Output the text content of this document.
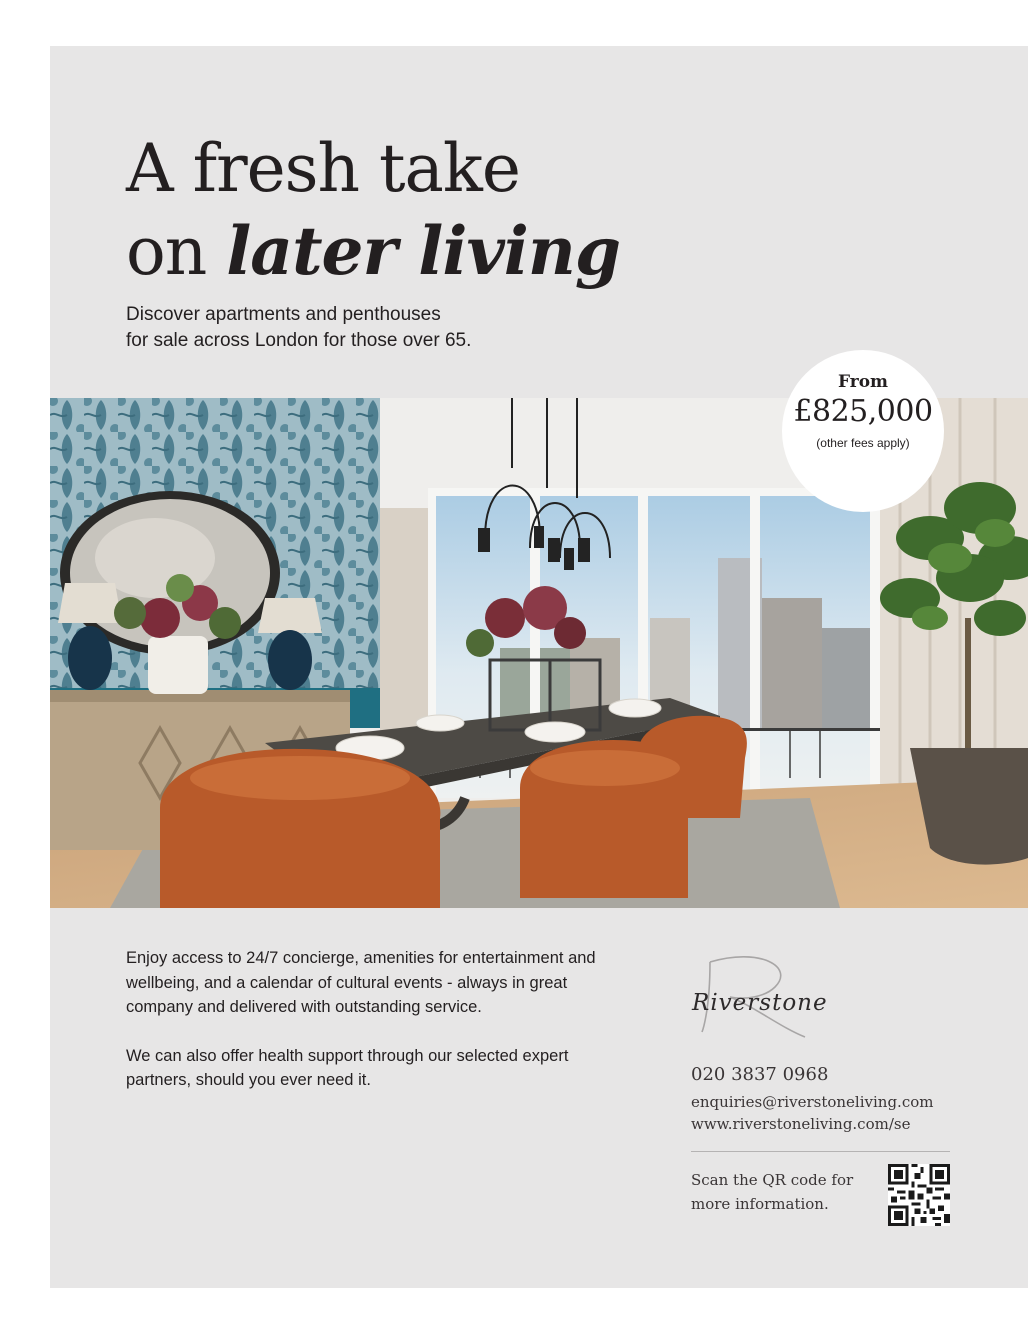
A fresh take
on later living

Discover apartments and penthouses
for sale across London for those over 65.

From
£825,000
(other fees apply)

Enjoy access to 24/7 concierge, amenities for entertainment and wellbeing, and a calendar of cultural events - always in great company and delivered with outstanding service.

We can also offer health support through our selected expert partners, should you ever need it.

Riverstone
020 3837 0968
enquiries@riverstoneliving.com
www.riverstoneliving.com/se
Scan the QR code for
more information.
